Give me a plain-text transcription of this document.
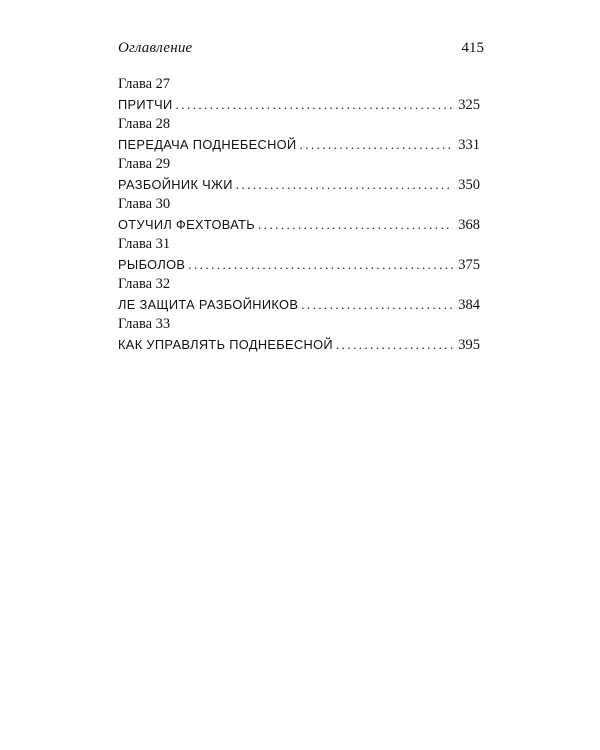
Оглавление	415
Глава 27
ПРИТЧИ . . .	325
Глава 28
ПЕРЕДАЧА ПОДНЕБЕСНОЙ . . .	331
Глава 29
РАЗБОЙНИК ЧЖИ . . .	350
Глава 30
ОТУЧИЛ ФЕХТОВАТЬ . . .	368
Глава 31
РЫБОЛОВ . . .	375
Глава 32
ЛЕ ЗАЩИТА РАЗБОЙНИКОВ . . .	384
Глава 33
КАК УПРАВЛЯТЬ ПОДНЕБЕСНОЙ . . .	395
